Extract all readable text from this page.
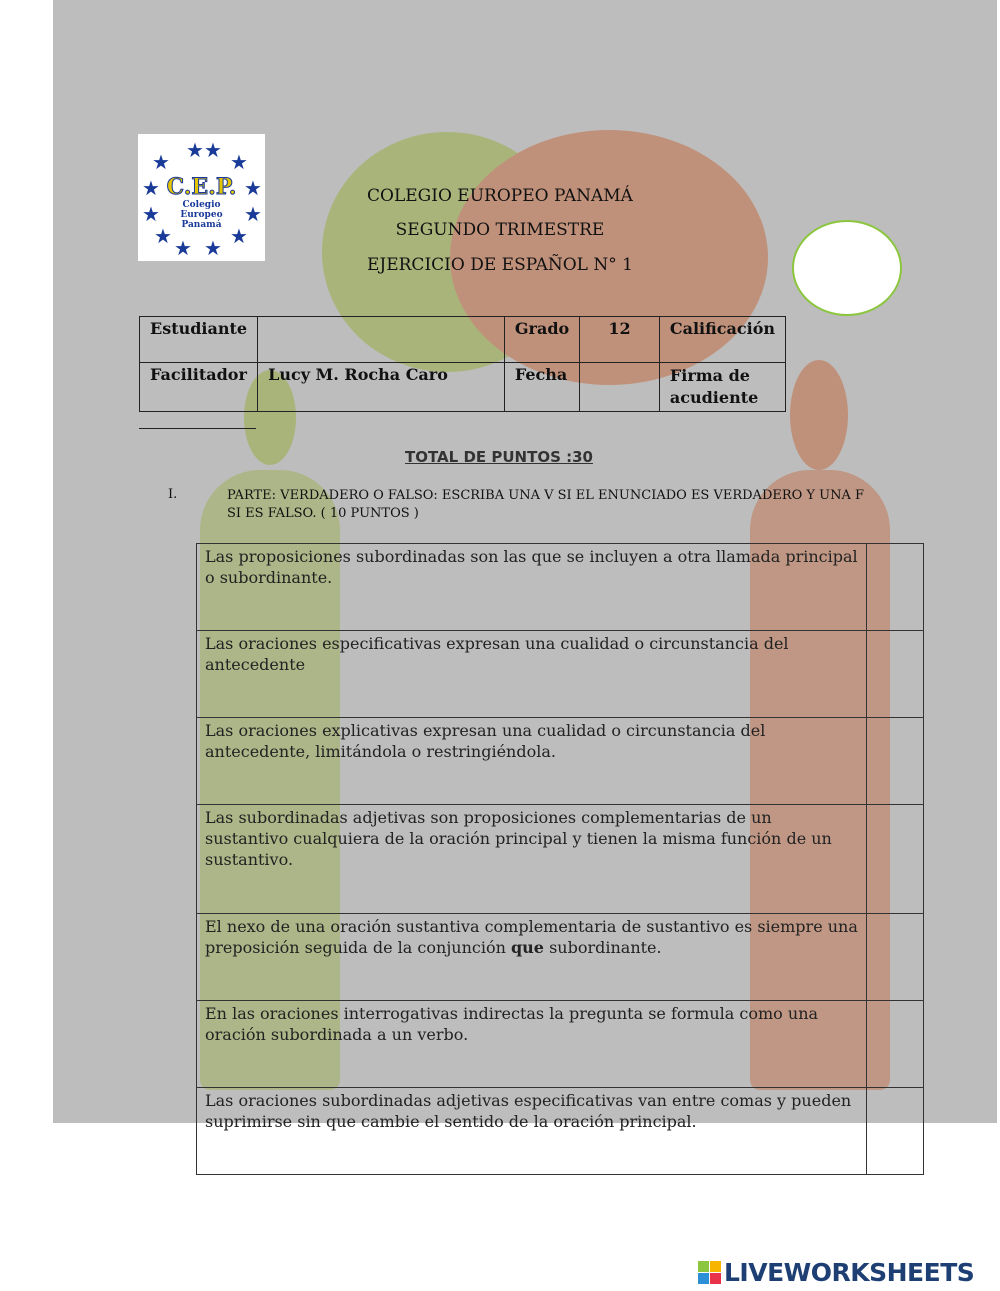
★ ★
★	★
★	★
★	★
★	★
★ ★
C.E.P.
Colegio Europeo Panamá
COLEGIO EUROPEO PANAMÁ
SEGUNDO TRIMESTRE
EJERCICIO DE ESPAÑOL N° 1
Estudiante		Grado	12	Calificación
Facilitador	Lucy M. Rocha Caro	Fecha		Firma de acudiente
TOTAL DE PUNTOS :30
I.	PARTE: VERDADERO O FALSO: ESCRIBA UNA V SI EL ENUNCIADO ES VERDADERO Y UNA F SI ES FALSO. ( 10 PUNTOS )
Las proposiciones subordinadas son las que se incluyen a otra llamada principal o subordinante.	
Las oraciones especificativas expresan una cualidad o circunstancia del antecedente	
Las oraciones explicativas expresan una cualidad o circunstancia del antecedente, limitándola o restringiéndola.	
Las subordinadas adjetivas son proposiciones complementarias de un sustantivo cualquiera de la oración principal y tienen la misma función de un sustantivo.	
El nexo de una oración sustantiva complementaria de sustantivo es siempre una preposición seguida de la conjunción que subordinante.	
En las oraciones interrogativas indirectas la pregunta se formula como una oración subordinada a un verbo.	
Las oraciones subordinadas adjetivas especificativas van entre comas y pueden suprimirse sin que cambie el sentido de la oración principal.	
LIVEWORKSHEETS
